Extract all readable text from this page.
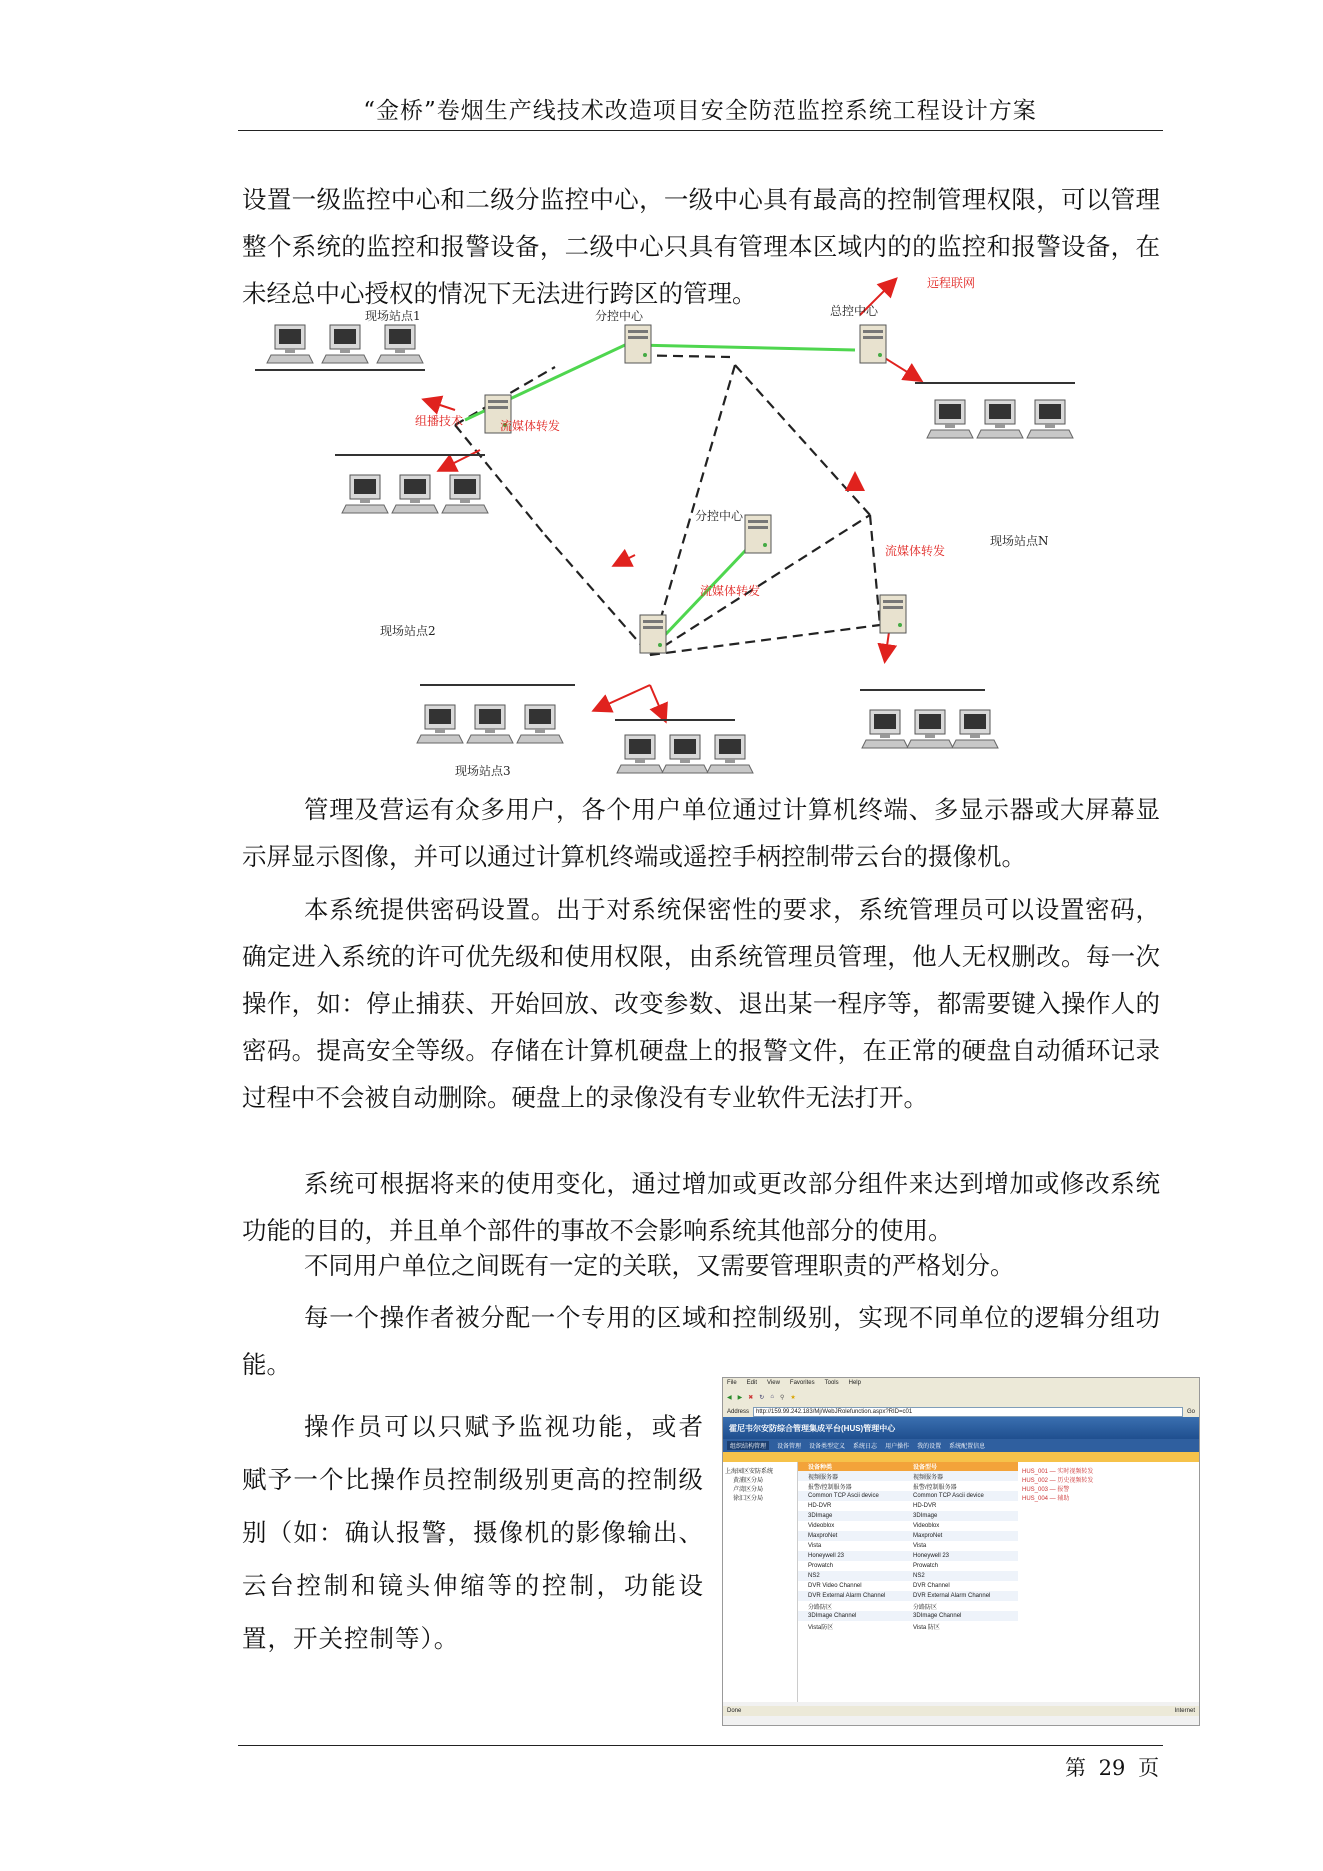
“金桥”卷烟生产线技术改造项目安全防范监控系统工程设计方案
设置一级监控中心和二级分监控中心，一级中心具有最高的控制管理权限，可以管理整个系统的监控和报警设备，二级中心只具有管理本区域内的的监控和报警设备，在未经总中心授权的情况下无法进行跨区的管理。
现场站点1
现场站点2
现场站点3
现场站点N
分控中心
分控中心
总控中心
远程联网
组播技术	流媒体转发
流媒体转发
流媒体转发
管理及营运有众多用户，各个用户单位通过计算机终端、多显示器或大屏幕显示屏显示图像，并可以通过计算机终端或遥控手柄控制带云台的摄像机。
本系统提供密码设置。出于对系统保密性的要求，系统管理员可以设置密码，确定进入系统的许可优先级和使用权限，由系统管理员管理，他人无权删改。每一次操作，如：停止捕获、开始回放、改变参数、退出某一程序等，都需要键入操作人的密码。提高安全等级。存储在计算机硬盘上的报警文件，在正常的硬盘自动循环记录过程中不会被自动删除。硬盘上的录像没有专业软件无法打开。
系统可根据将来的使用变化，通过增加或更改部分组件来达到增加或修改系统功能的目的，并且单个部件的事故不会影响系统其他部分的使用。
不同用户单位之间既有一定的关联，又需要管理职责的严格划分。
每一个操作者被分配一个专用的区域和控制级别，实现不同单位的逻辑分组功能。
操作员可以只赋予监视功能，或者赋予一个比操作员控制级别更高的控制级别（如：确认报警，摄像机的影像输出、云台控制和镜头伸缩等的控制，功能设置，开关控制等）。
File Edit View Favorites Tools Help
◀ ▶ ✖ ↻ ⌂ ⚲ ★
Address	http://159.99.242.183/Mj/WebJRolefunction.aspx?RID=c01	Go
霍尼韦尔安防综合管理集成平台(HUS)管理中心
组织结构管理	设备管理 设备类型定义 系统日志 用户操作 我的设置 系统配置信息
上海园区安防系统
黄浦区分局
卢湾区分局
徐汇区分局
设备种类	设备型号
视频服务器	视频服务器
报警/控制服务器	报警/控制服务器
Common TCP Ascii device	Common TCP Ascii device
HD-DVR	HD-DVR
3DImage	3DImage
Videoblox	Videoblox
MaxproNet	MaxproNet
Vista	Vista
Honeywell 23	Honeywell 23
Prowatch	Prowatch
NS2	NS2
DVR Video Channel	DVR Channel
DVR External Alarm Channel	DVR External Alarm Channel
分路防区	分路防区
3DImage Channel	3DImage Channel
Vista防区	Vista 防区
HUS_001 — 实时视频转发
HUS_002 — 历史视频转发
HUS_003 — 报警
HUS_004 — 辅助
Done	Internet
第 29 页
